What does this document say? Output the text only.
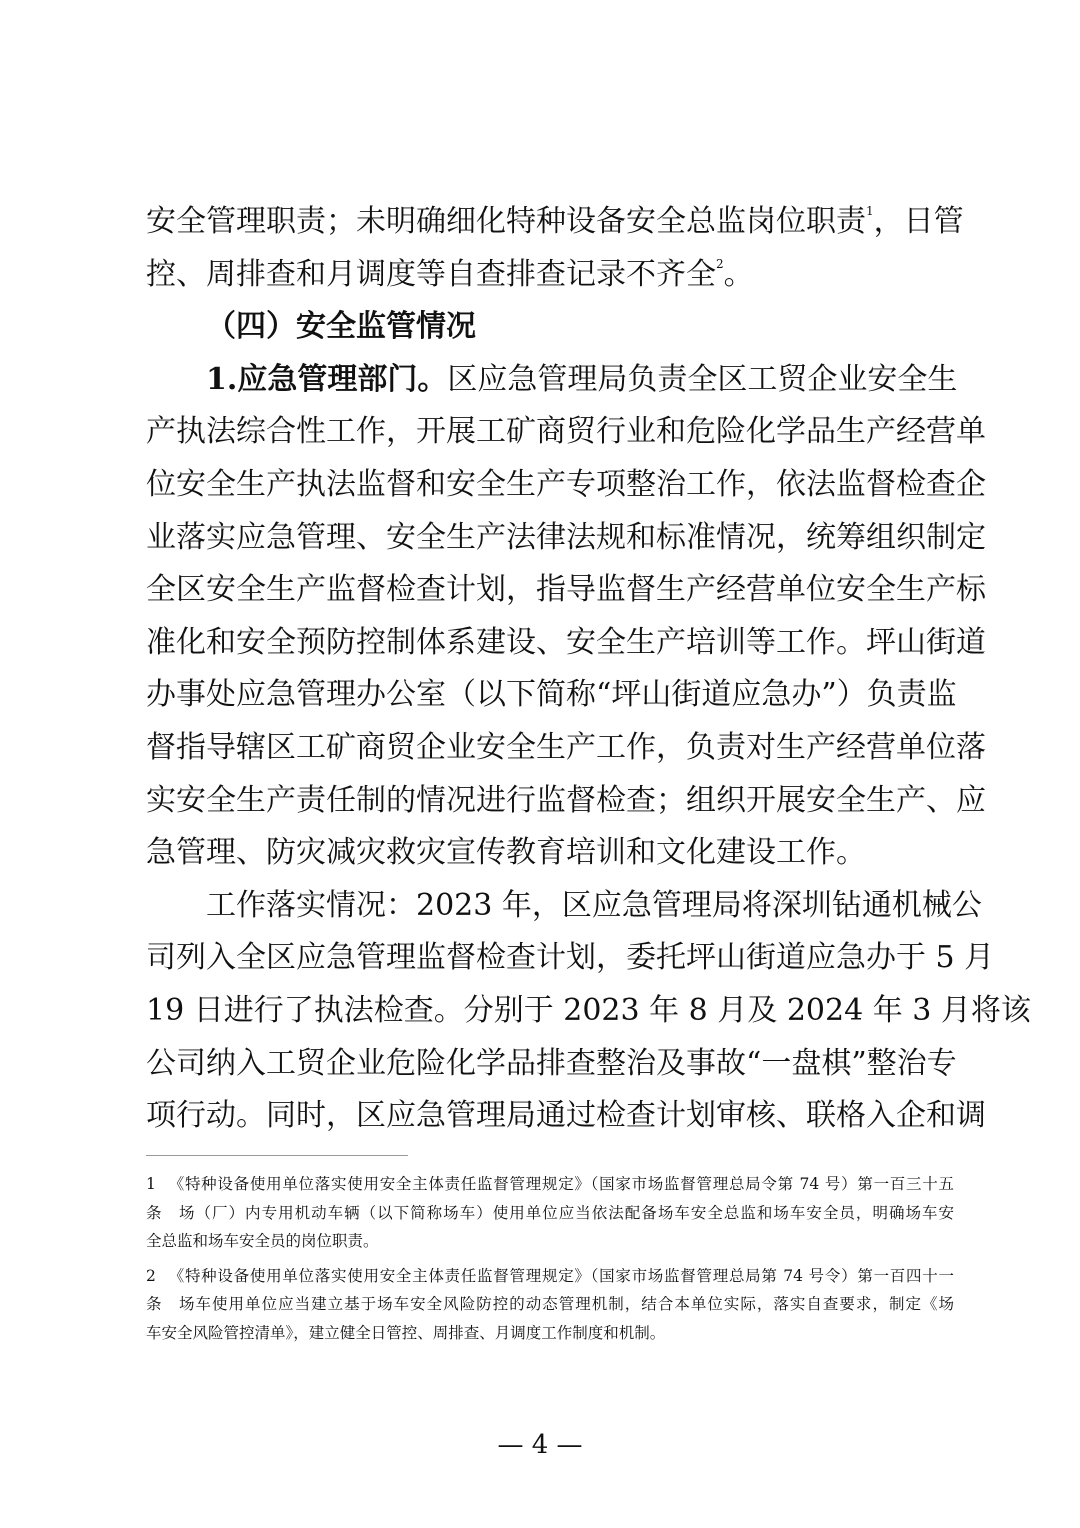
安全管理职责；未明确细化特种设备安全总监岗位职责$^1$，日管
控、周排查和月调度等自查排查记录不齐全$^2$。
（四）安全监管情况
1.应急管理部门。区应急管理局负责全区工贸企业安全生
产执法综合性工作，开展工矿商贸行业和危险化学品生产经营单
位安全生产执法监督和安全生产专项整治工作，依法监督检查企
业落实应急管理、安全生产法律法规和标准情况，统筹组织制定
全区安全生产监督检查计划，指导监督生产经营单位安全生产标
准化和安全预防控制体系建设、安全生产培训等工作。坪山街道
办事处应急管理办公室（以下简称“坪山街道应急办”）负责监
督指导辖区工矿商贸企业安全生产工作，负责对生产经营单位落
实安全生产责任制的情况进行监督检查；组织开展安全生产、应
急管理、防灾减灾救灾宣传教育培训和文化建设工作。
工作落实情况：2023 年，区应急管理局将深圳钻通机械公
司列入全区应急管理监督检查计划，委托坪山街道应急办于 5 月
19 日进行了执法检查。分别于 2023 年 8 月及 2024 年 3 月将该
公司纳入工贸企业危险化学品排查整治及事故“一盘棋”整治专
项行动。同时，区应急管理局通过检查计划审核、联格入企和调
1 《特种设备使用单位落实使用安全主体责任监督管理规定》（国家市场监督管理总局令第 74 号）第一百三十五
条　场（厂）内专用机动车辆（以下简称场车）使用单位应当依法配备场车安全总监和场车安全员，明确场车安
全总监和场车安全员的岗位职责。
2 《特种设备使用单位落实使用安全主体责任监督管理规定》（国家市场监督管理总局第 74 号令）第一百四十一
条　场车使用单位应当建立基于场车安全风险防控的动态管理机制，结合本单位实际，落实自查要求，制定《场
车安全风险管控清单》，建立健全日管控、周排查、月调度工作制度和机制。
— 4 —
